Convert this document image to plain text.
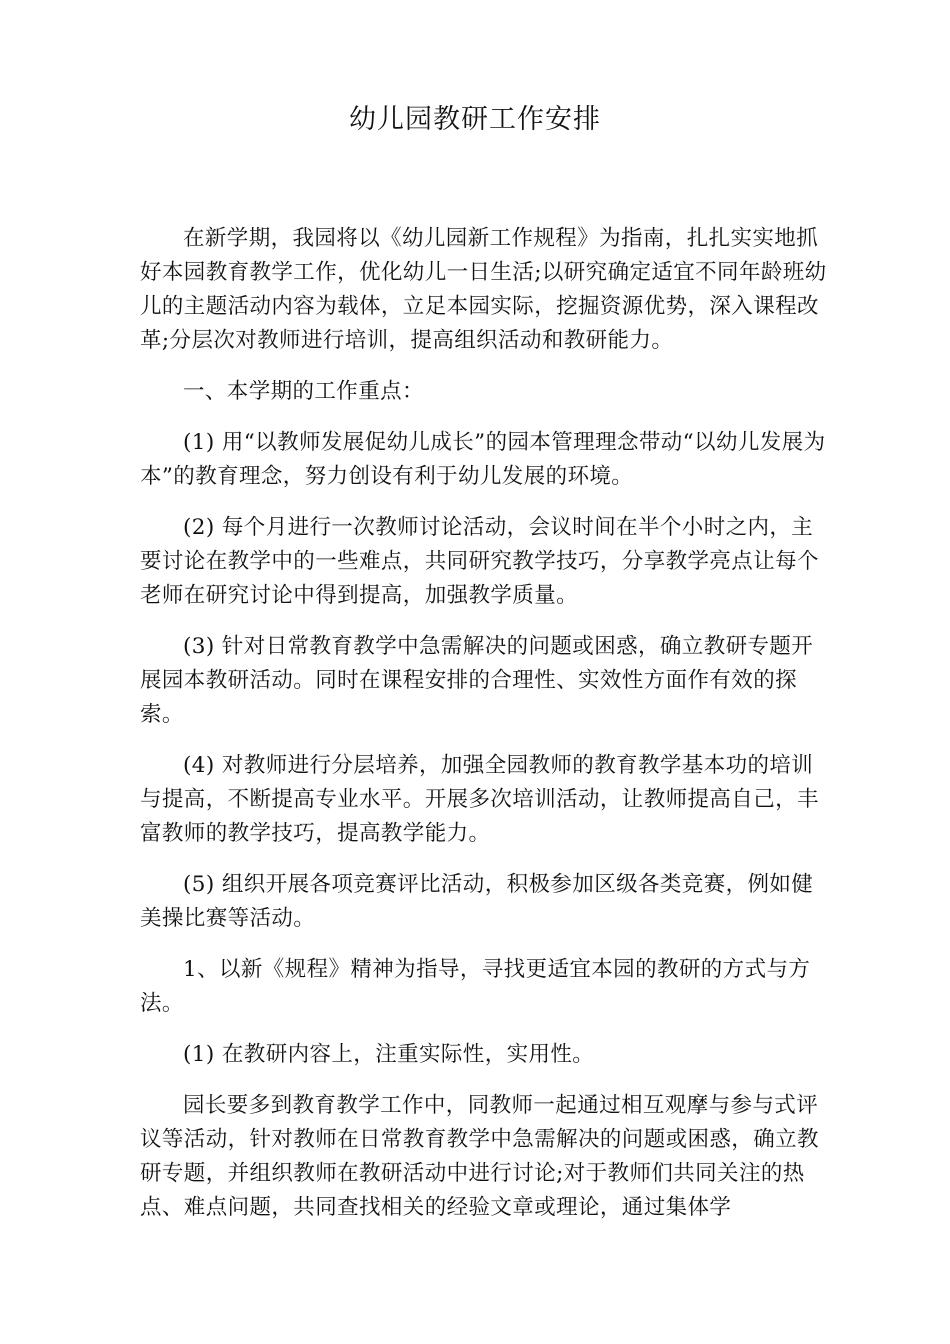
幼儿园教研工作安排

在新学期，我园将以《幼儿园新工作规程》为指南，扎扎实实地抓好本园教育教学工作，优化幼儿一日生活;以研究确定适宜不同年龄班幼儿的主题活动内容为载体，立足本园实际，挖掘资源优势，深入课程改革;分层次对教师进行培训，提高组织活动和教研能力。

一、本学期的工作重点：

(1) 用“以教师发展促幼儿成长”的园本管理理念带动“以幼儿发展为本”的教育理念，努力创设有利于幼儿发展的环境。

(2) 每个月进行一次教师讨论活动，会议时间在半个小时之内，主要讨论在教学中的一些难点，共同研究教学技巧，分享教学亮点让每个老师在研究讨论中得到提高，加强教学质量。

(3) 针对日常教育教学中急需解决的问题或困惑，确立教研专题开展园本教研活动。同时在课程安排的合理性、实效性方面作有效的探索。

(4) 对教师进行分层培养，加强全园教师的教育教学基本功的培训与提高，不断提高专业水平。开展多次培训活动，让教师提高自己，丰富教师的教学技巧，提高教学能力。

(5) 组织开展各项竞赛评比活动，积极参加区级各类竞赛，例如健美操比赛等活动。

1、以新《规程》精神为指导，寻找更适宜本园的教研的方式与方法。

(1) 在教研内容上，注重实际性，实用性。

园长要多到教育教学工作中，同教师一起通过相互观摩与参与式评议等活动，针对教师在日常教育教学中急需解决的问题或困惑，确立教研专题，并组织教师在教研活动中进行讨论;对于教师们共同关注的热点、难点问题，共同查找相关的经验文章或理论，通过集体学
